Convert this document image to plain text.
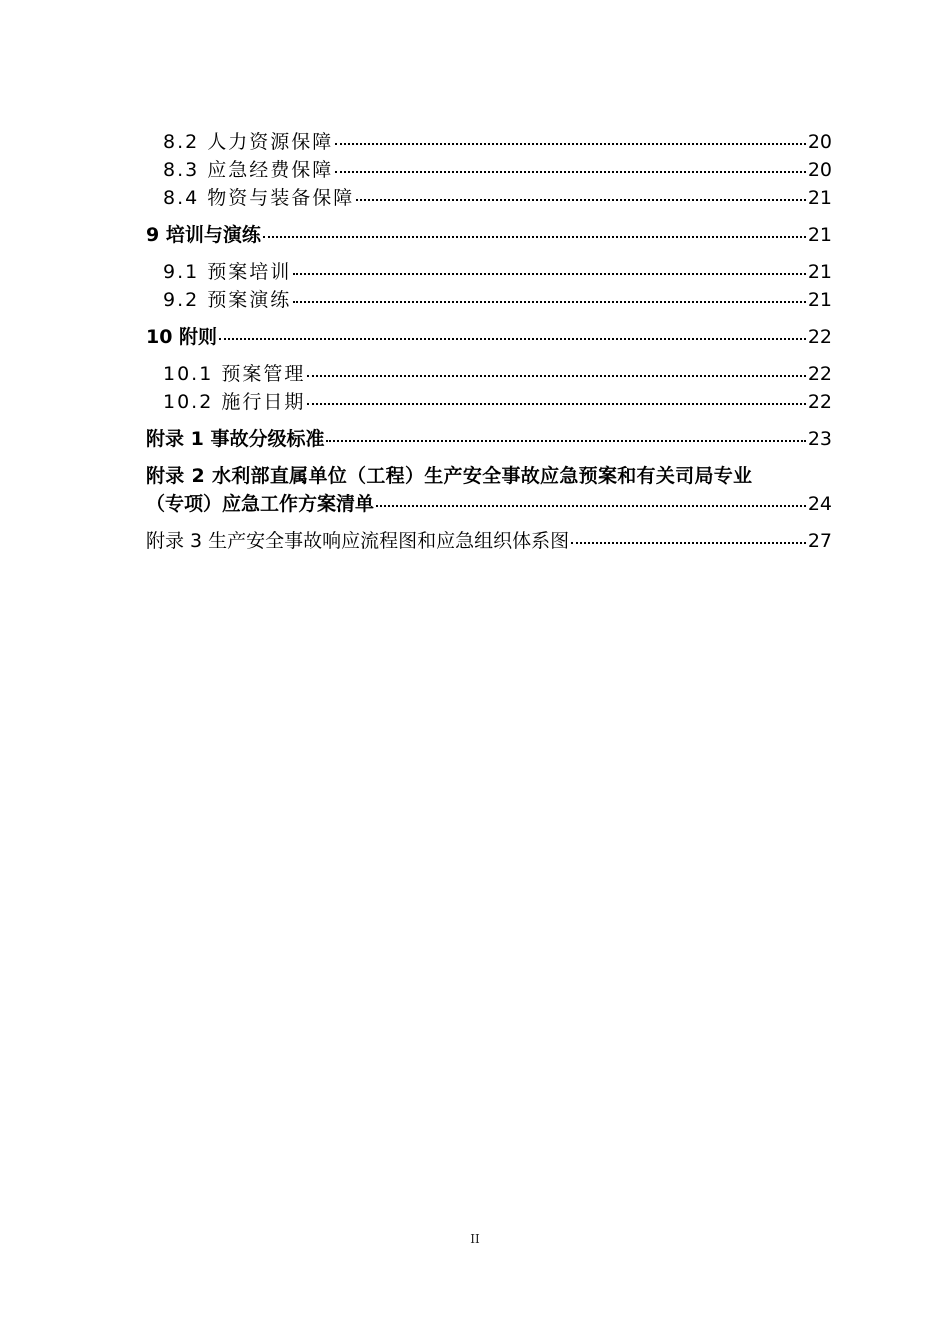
8.2 人力资源保障	20
8.3 应急经费保障	20
8.4 物资与装备保障	21
9 培训与演练	21
9.1 预案培训	21
9.2 预案演练	21
10 附则	22
10.1 预案管理	22
10.2 施行日期	22
附录 1 事故分级标准	23
附录 2 水利部直属单位（工程）生产安全事故应急预案和有关司局专业
（专项）应急工作方案清单	24
附录 3 生产安全事故响应流程图和应急组织体系图	27
II
